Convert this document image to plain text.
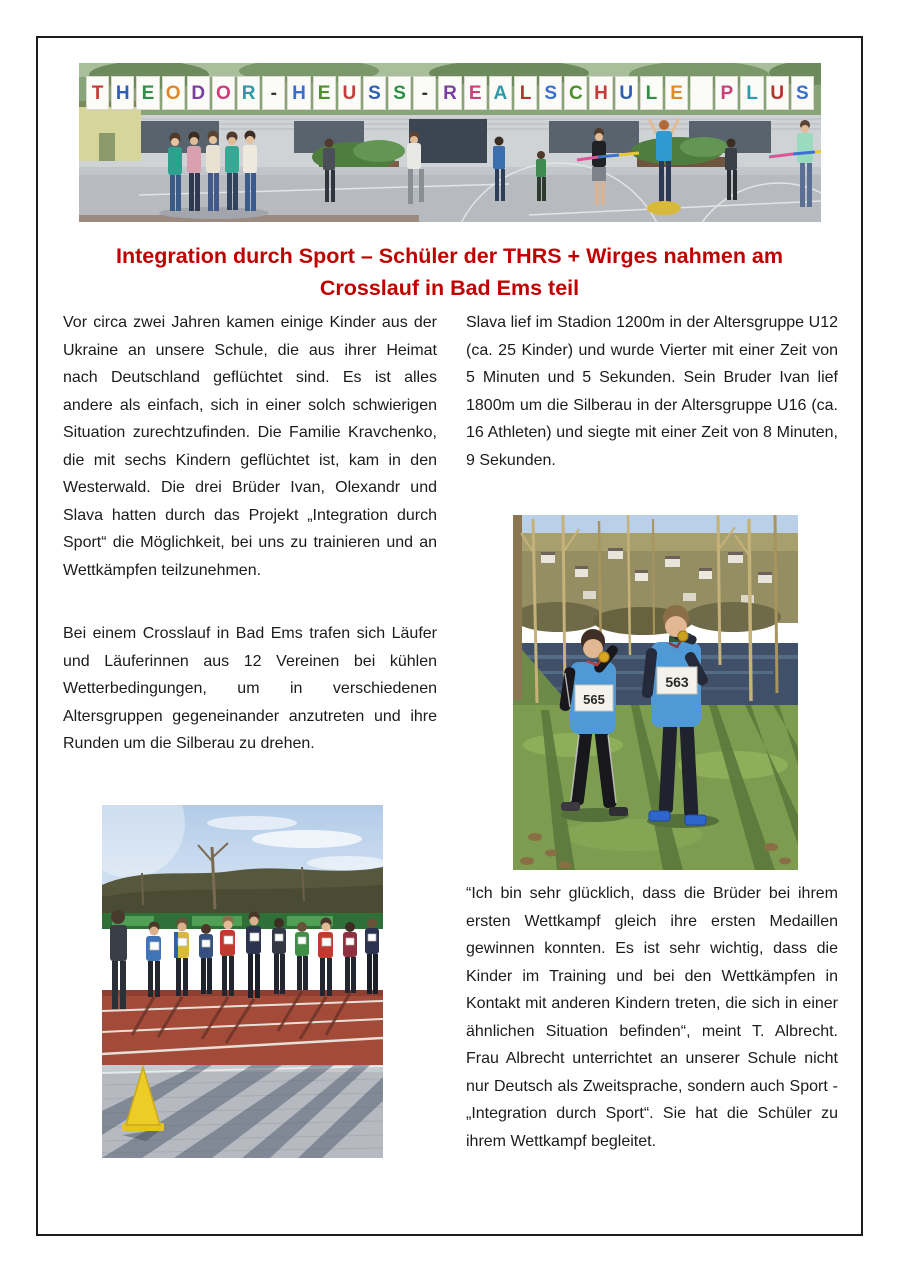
T H E O D O R - H E U S S - R E A L S C H U L E P L U S
Integration durch Sport – Schüler der THRS + Wirges nahmen am
Crosslauf in Bad Ems teil

Vor circa zwei Jahren kamen einige Kinder aus der Ukraine an unsere Schule, die aus ihrer Heimat nach Deutschland geflüchtet sind. Es ist alles andere als einfach, sich in einer solch schwierigen Situation zurechtzufinden. Die Familie Kravchenko, die mit sechs Kindern geflüchtet ist, kam in den Westerwald. Die drei Brüder Ivan, Olexandr und Slava hatten durch das Projekt „Integration durch Sport“ die Möglichkeit, bei uns zu trainieren und an Wettkämpfen teilzunehmen.

Bei einem Crosslauf in Bad Ems trafen sich Läufer und Läuferinnen aus 12 Vereinen bei kühlen Wetterbedingungen, um in verschiedenen Altersgruppen gegeneinander anzutreten und ihre Runden um die Silberau zu drehen.

Slava lief im Stadion 1200m in der Altersgruppe U12 (ca. 25 Kinder) und wurde Vierter mit einer Zeit von 5 Minuten und 5 Sekunden. Sein Bruder Ivan lief 1800m um die Silberau in der Altersgruppe U16 (ca. 16 Athleten) und siegte mit einer Zeit von 8 Minuten, 9 Sekunden.

“Ich bin sehr glücklich, dass die Brüder bei ihrem ersten Wettkampf gleich ihre ersten Medaillen gewinnen konnten. Es ist sehr wichtig, dass die Kinder im Training und bei den Wettkämpfen in Kontakt mit anderen Kindern treten, die sich in einer ähnlichen Situation befinden“, meint T. Albrecht. Frau Albrecht unterrichtet an unserer Schule nicht nur Deutsch als Zweitsprache, sondern auch Sport - „Integration durch Sport“. Sie hat die Schüler zu ihrem Wettkampf begleitet.

565
563
